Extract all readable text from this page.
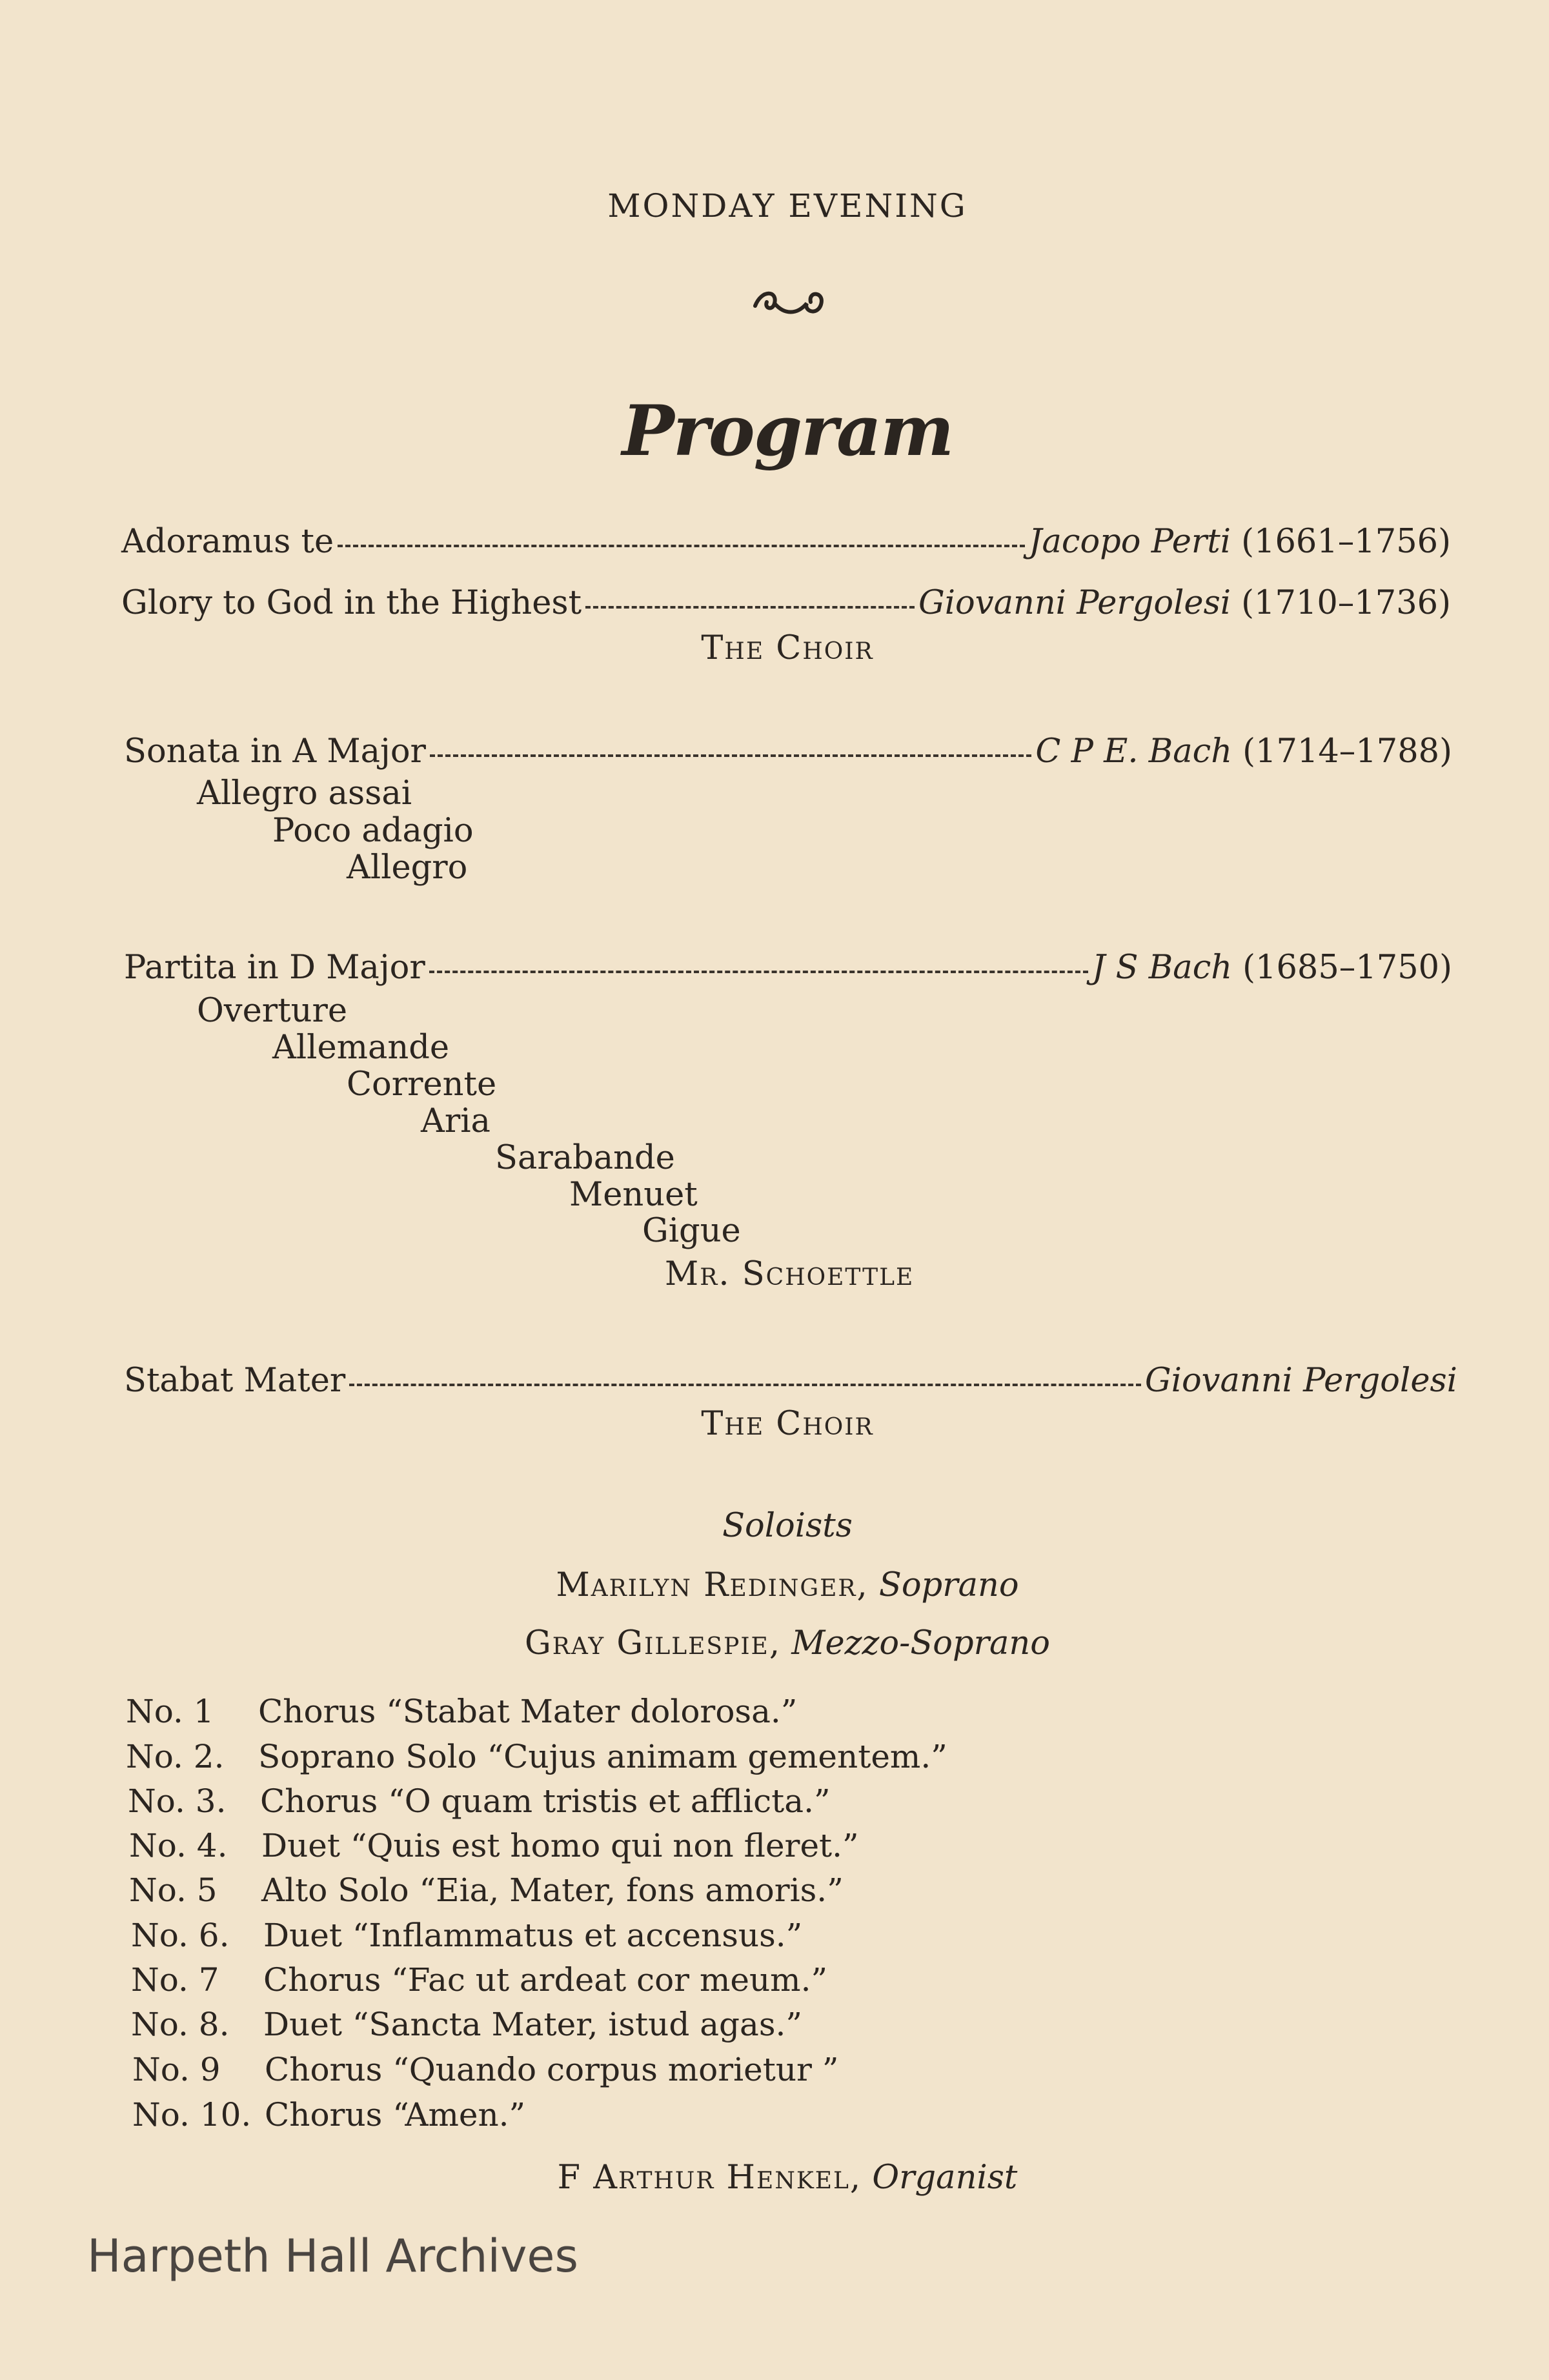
MONDAY EVENING
Program
Adoramus te	Jacopo Perti (1661–1756)
Glory to God in the Highest	Giovanni Pergolesi (1710–1736)
The Choir
Sonata in A Major	C P E. Bach (1714–1788)
Allegro assai
Poco adagio
Allegro
Partita in D Major	J S Bach (1685–1750)
Overture
Allemande
Corrente
Aria
Sarabande
Menuet
Gigue
Mr. Schoettle
Stabat Mater	Giovanni Pergolesi
The Choir
Soloists
Marilyn Redinger, Soprano
Gray Gillespie, Mezzo-Soprano
No. 1	Chorus “Stabat Mater dolorosa.”
No. 2.	Soprano Solo “Cujus animam gementem.”
No. 3.	Chorus “O quam tristis et afflicta.”
No. 4.	Duet “Quis est homo qui non fleret.”
No. 5	Alto Solo “Eia, Mater, fons amoris.”
No. 6.	Duet “Inflammatus et accensus.”
No. 7	Chorus “Fac ut ardeat cor meum.”
No. 8.	Duet “Sancta Mater, istud agas.”
No. 9	Chorus “Quando corpus morietur ”
No. 10. Chorus “Amen.”
F Arthur Henkel, Organist
Harpeth Hall Archives
